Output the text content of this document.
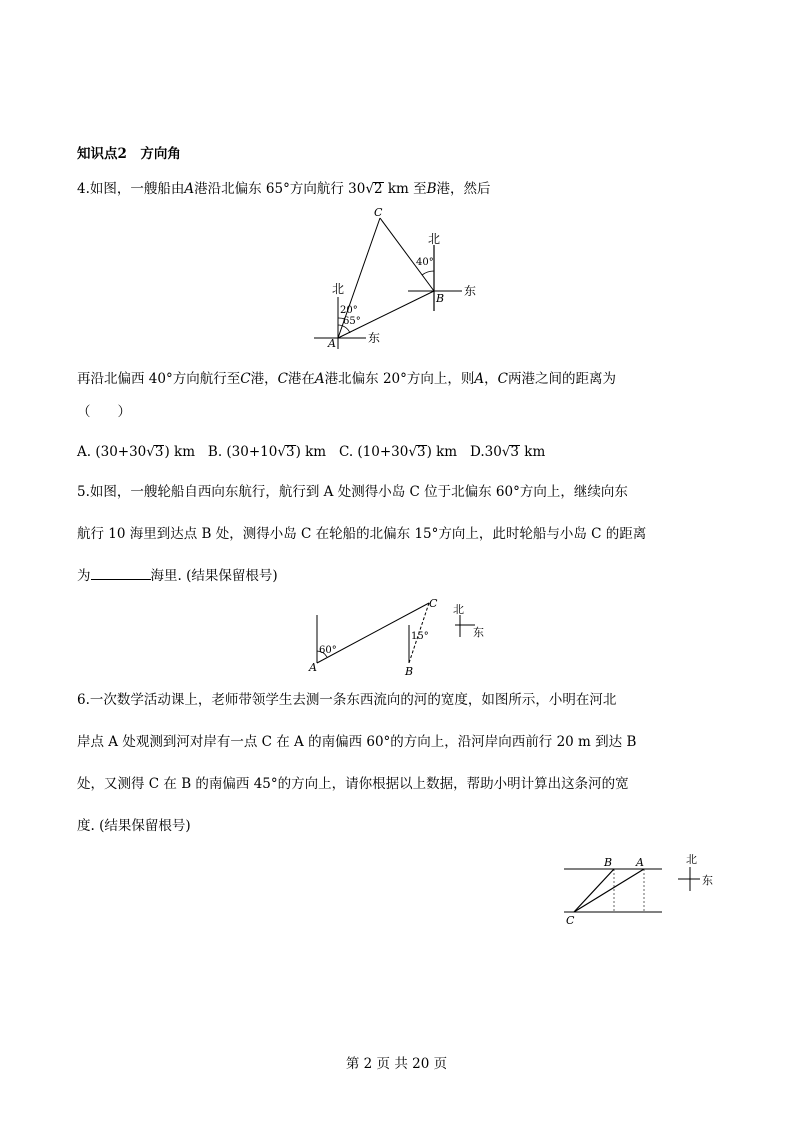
知识点2　方向角
4.如图，一艘船由A港沿北偏东 65°方向航行 30√2 km 至B港，然后
北
东
北
东
20°
65°
40°
A
B
C
再沿北偏西 40°方向航行至C港，C港在A港北偏东 20°方向上，则A，C两港之间的距离为
（　　）
A. (30+30√3) km B. (30+10√3) km C. (10+30√3) km D.30√3 km
5.如图，一艘轮船自西向东航行，航行到 A 处测得小岛 C 位于北偏东 60°方向上，继续向东
航行 10 海里到达点 B 处，测得小岛 C 在轮船的北偏东 15°方向上，此时轮船与小岛 C 的距离
为	海里. (结果保留根号)
60°
15°
A	B
C 北
东
6.一次数学活动课上，老师带领学生去测一条东西流向的河的宽度，如图所示，小明在河北
岸点 A 处观测到河对岸有一点 C 在 A 的南偏西 60°的方向上，沿河岸向西前行 20 m 到达 B
处，又测得 C 在 B 的南偏西 45°的方向上，请你根据以上数据，帮助小明计算出这条河的宽
度. (结果保留根号)
B A
C
北
东
第 2 页 共 20 页
